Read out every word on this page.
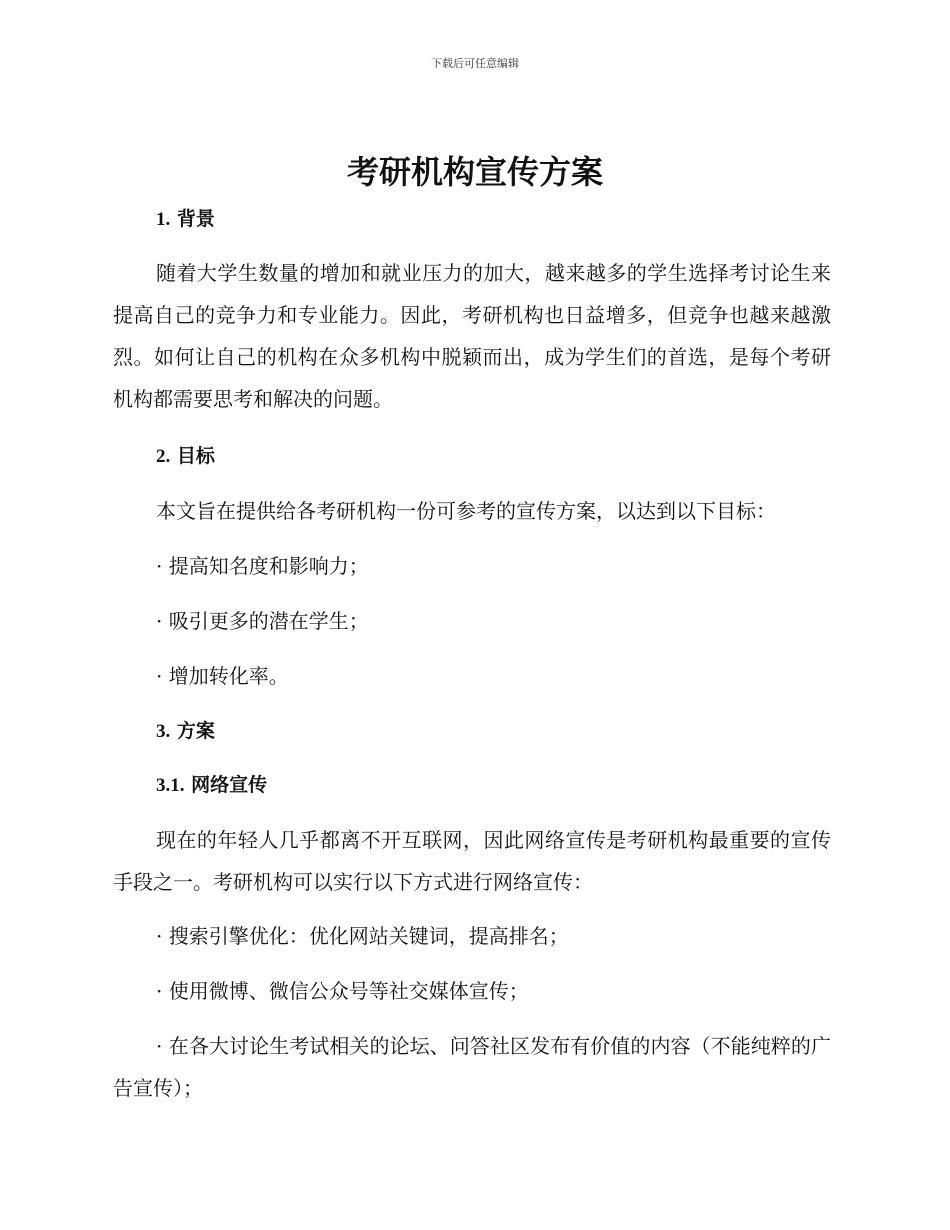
下载后可任意编辑
考研机构宣传方案
1. 背景

随着大学生数量的增加和就业压力的加大，越来越多的学生选择考讨论生来提高自己的竞争力和专业能力。因此，考研机构也日益增多，但竞争也越来越激烈。如何让自己的机构在众多机构中脱颖而出，成为学生们的首选，是每个考研机构都需要思考和解决的问题。

2. 目标

本文旨在提供给各考研机构一份可参考的宣传方案，以达到以下目标：

· 提高知名度和影响力；

· 吸引更多的潜在学生；

· 增加转化率。

3. 方案
3.1. 网络宣传

现在的年轻人几乎都离不开互联网，因此网络宣传是考研机构最重要的宣传手段之一。考研机构可以实行以下方式进行网络宣传：

· 搜索引擎优化：优化网站关键词，提高排名；

· 使用微博、微信公众号等社交媒体宣传；

· 在各大讨论生考试相关的论坛、问答社区发布有价值的内容（不能纯粹的广告宣传）；
